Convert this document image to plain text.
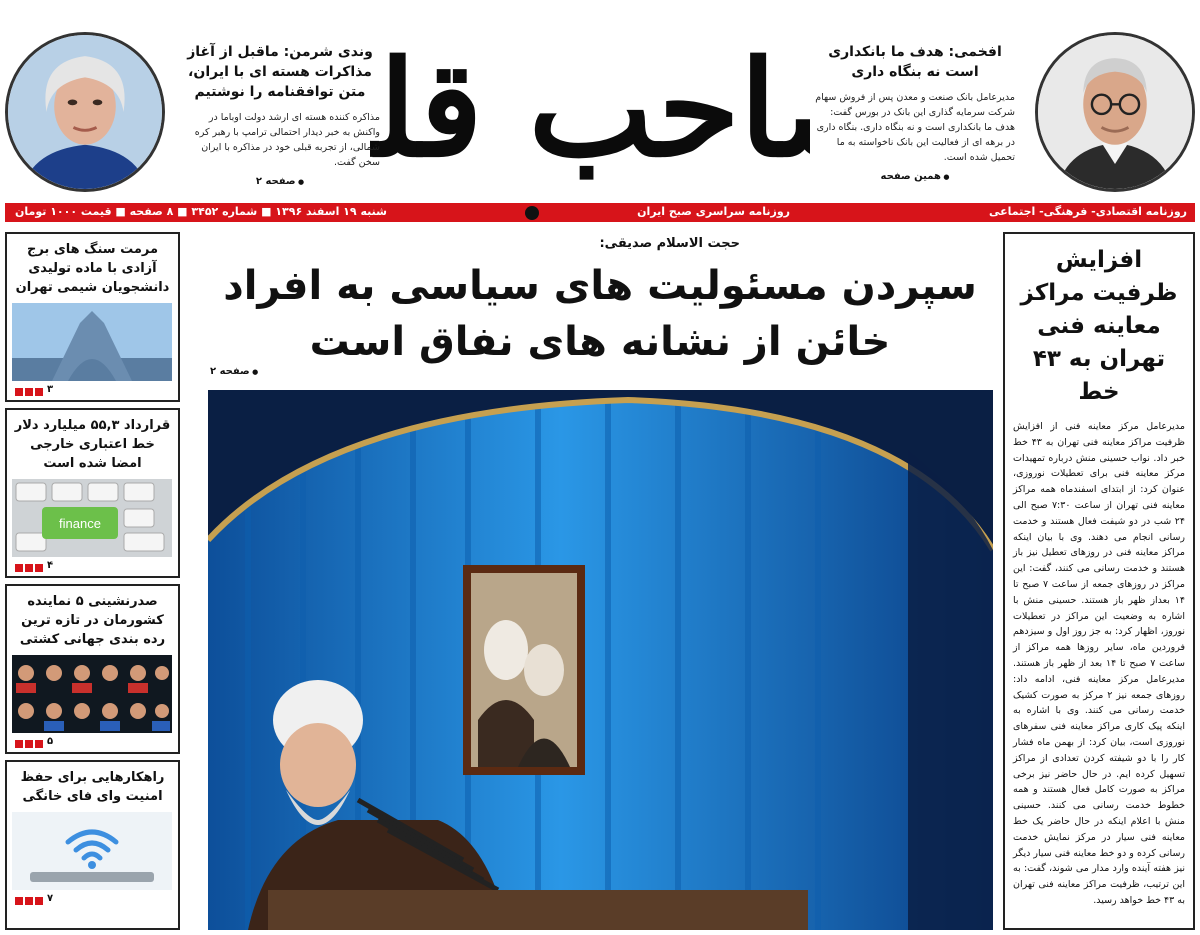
افخمی: هدف ما بانکداری است نه بنگاه داری

مدیرعامل بانک صنعت و معدن پس از فروش سهام شرکت سرمایه گذاری این بانک در بورس گفت: هدف ما بانکداری است و نه بنگاه داری. بنگاه داری در برهه ای از فعالیت این بانک ناخواسته به ما تحمیل شده است.

● همین صفحه
احب قل
وندی شرمن: ماقبل از آغاز مذاکرات هسته ای با ایران، متن توافقنامه را نوشتیم

مذاکره کننده هسته ای ارشد دولت اوباما در واکنش به خبر دیدار احتمالی ترامپ با رهبر کره شمالی، از تجربه قبلی خود در مذاکره با ایران سخن گفت.

● صفحه ۲
روزنامه اقتصادی- فرهنگی- اجتماعی
روزنامه سراسری صبح ایران
شنبه ۱۹ اسفند ۱۳۹۶ ■ شماره ۳۴۵۲ ■ ۸ صفحه ■ قیمت ۱۰۰۰ تومان
افزایش ظرفیت مراکز معاینه فنی تهران به ۴۳ خط

مدیرعامل مرکز معاینه فنی از افزایش ظرفیت مراکز معاینه فنی تهران به ۴۳ خط خبر داد. نواب حسینی منش درباره تمهیدات مرکز معاینه فنی برای تعطیلات نوروزی، عنوان کرد: از ابتدای اسفندماه همه مراکز معاینه فنی تهران از ساعت ۷:۳۰ صبح الی ۲۴ شب در دو شیفت فعال هستند و خدمت رسانی انجام می دهند. وی با بیان اینکه مراکز معاینه فنی در روزهای تعطیل نیز باز هستند و خدمت رسانی می کنند، گفت: این مراکز در روزهای جمعه از ساعت ۷ صبح تا ۱۴ بعداز ظهر باز هستند. حسینی منش با اشاره به وضعیت این مراکز در تعطیلات نوروز، اظهار کرد: به جز روز اول و سیزدهم فروردین ماه، سایر روزها همه مراکز از ساعت ۷ صبح تا ۱۴ بعد از ظهر باز هستند. مدیرعامل مرکز معاینه فنی، ادامه داد: روزهای جمعه نیز ۲ مرکز به صورت کشیک خدمت رسانی می کنند. وی با اشاره به اینکه پیک کاری مراکز معاینه فنی سفرهای نوروزی است، بیان کرد: از بهمن ماه فشار کار را با دو شیفته کردن تعدادی از مراکز تسهیل کرده ایم. در حال حاضر نیز برخی مراکز به صورت کامل فعال هستند و همه خطوط خدمت رسانی می کنند. حسینی منش با اعلام اینکه در حال حاضر یک خط معاینه فنی سیار در مرکز نمایش خدمت رسانی کرده و دو خط معاینه فنی سیار دیگر نیز هفته آینده وارد مدار می شوند، گفت: به این ترتیب، ظرفیت مراکز معاینه فنی تهران به ۴۳ خط خواهد رسید.

حجت الاسلام صدیقی:
سپردن مسئولیت های سیاسی به افراد خائن از نشانه های نفاق است
● صفحه ۲
مرمت سنگ های برج آزادی با ماده تولیدی دانشجویان شیمی تهران
۳
قرارداد ۵۵,۳ میلیارد دلار خط اعتباری خارجی امضا شده است
finance
۴
صدرنشینی ۵ نماینده کشورمان در تازه ترین رده بندی جهانی کشتی
۵
راهکارهایی برای حفظ امنیت وای فای خانگی
۷
